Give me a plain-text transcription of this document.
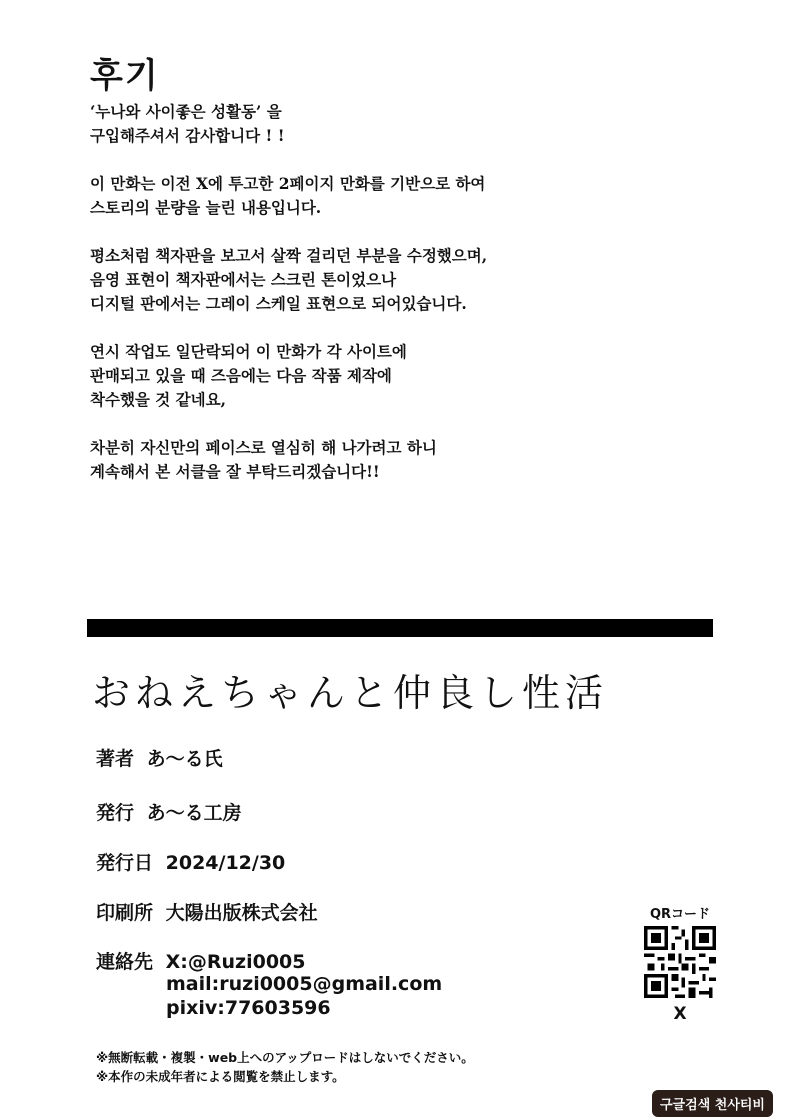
후기
‘누나와 사이좋은 성활동’ 을
구입해주셔서 감사합니다 ! !
이 만화는 이전 X에 투고한 2페이지 만화를 기반으로 하여
스토리의 분량을 늘린 내용입니다.
평소처럼 책자판을 보고서 살짝 걸리던 부분을 수정했으며,
음영 표현이 책자판에서는 스크린 톤이었으나
디지털 판에서는 그레이 스케일 표현으로 되어있습니다.
연시 작업도 일단락되어 이 만화가 각 사이트에
판매되고 있을 때 즈음에는 다음 작품 제작에
착수했을 것 같네요,
차분히 자신만의 페이스로 열심히 해 나가려고 하니
계속해서 본 서클을 잘 부탁드리겠습니다!!
おねえちゃんと仲良し性活
著者 あ～る氏
発行 あ～る工房
発行日 2024/12/30
印刷所 大陽出版株式会社
連絡先 X:@Ruzi0005
mail:ruzi0005@gmail.com
pixiv:77603596
※無断転載・複製・web上へのアップロードはしないでください。
※本作の未成年者による閲覧を禁止します。
QRコード
X
구글검색 천사티비
